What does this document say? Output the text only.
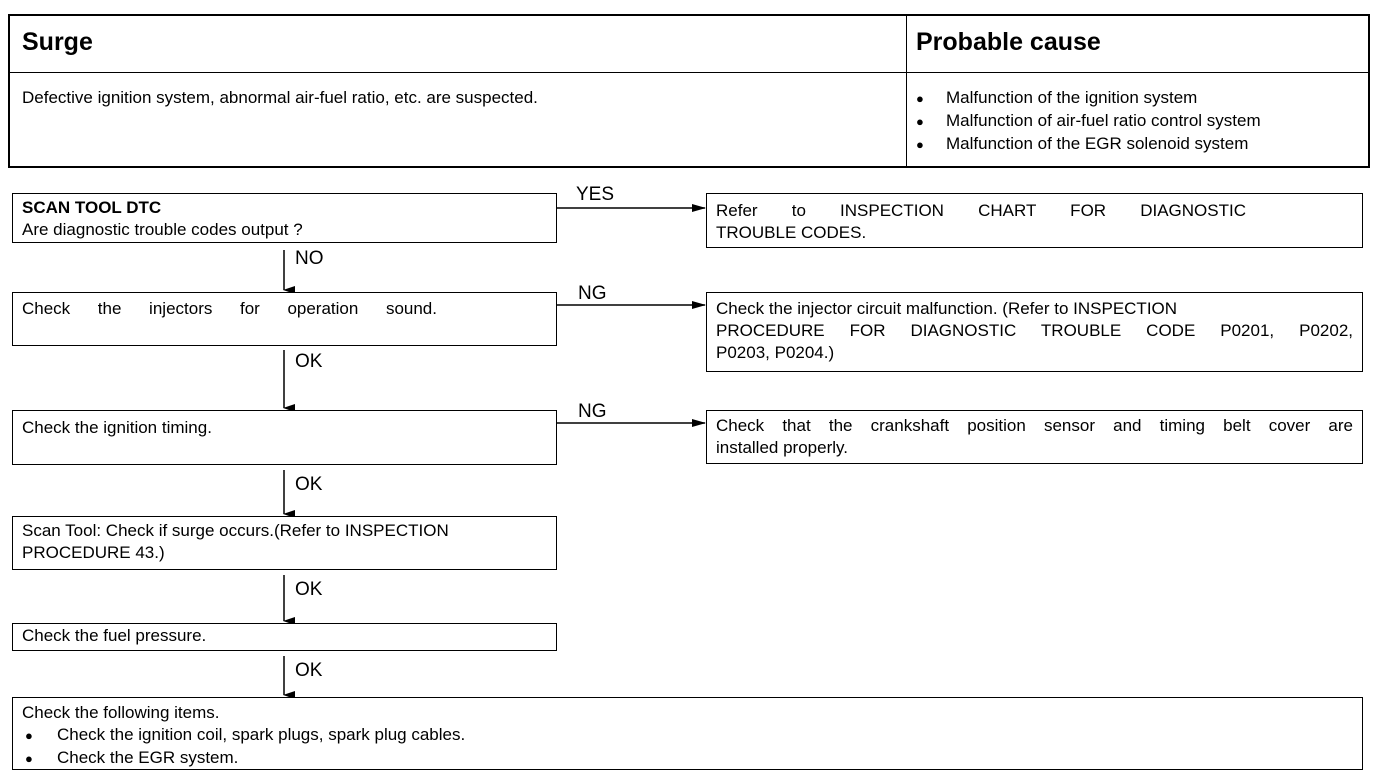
Surge	Probable cause
Defective ignition system, abnormal air-fuel ratio, etc. are suspected.	●	Malfunction of the ignition system
●	Malfunction of air-fuel ratio control system
●	Malfunction of the EGR solenoid system
SCAN TOOL DTC
Are diagnostic trouble codes output ?
YES
Refer to INSPECTION CHART FOR DIAGNOSTIC
TROUBLE CODES.
NO
Check the injectors for operation sound.
NG
Check the injector circuit malfunction. (Refer to INSPECTION
PROCEDURE FOR DIAGNOSTIC TROUBLE CODE P0201, P0202,
P0203, P0204.)
OK
Check the ignition timing.
NG
Check that the crankshaft position sensor and timing belt cover are
installed properly.
OK
Scan Tool: Check if surge occurs.(Refer to INSPECTION
PROCEDURE 43.)
OK
Check the fuel pressure.
OK
Check the following items.
●	Check the ignition coil, spark plugs, spark plug cables.
●	Check the EGR system.
